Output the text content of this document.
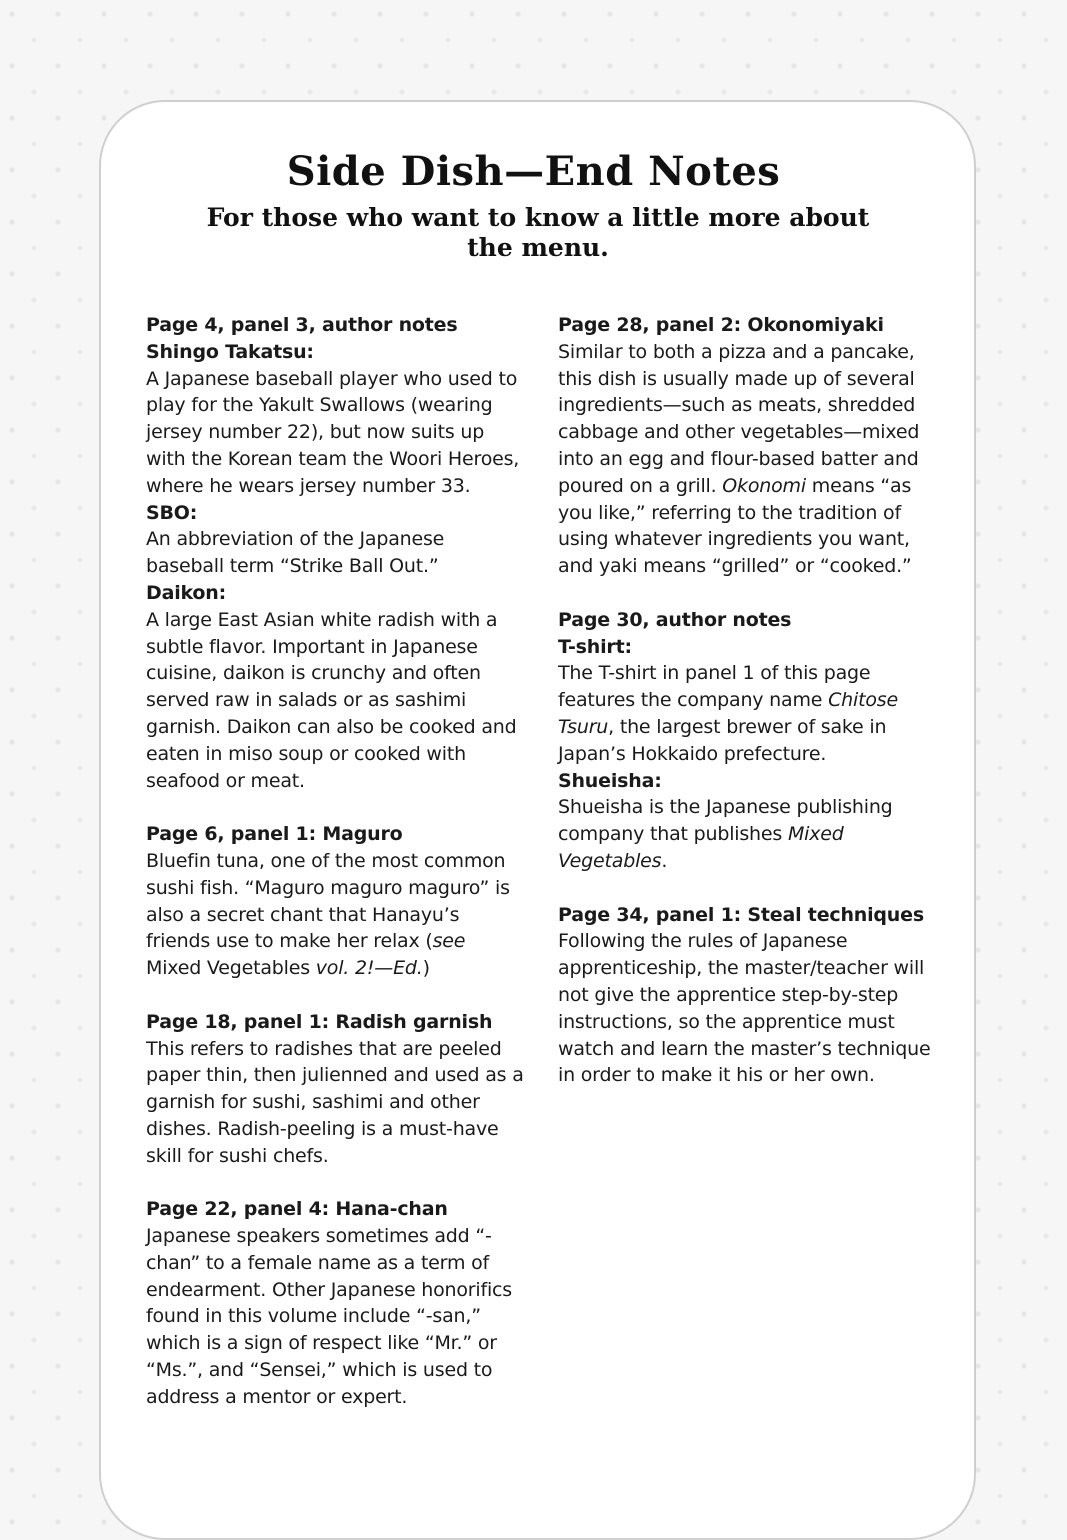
Side Dish—End Notes
For those who want to know a little more about the menu.
Page 4, panel 3, author notes
Shingo Takatsu:
A Japanese baseball player who used to play for the Yakult Swallows (wearing jersey number 22), but now suits up with the Korean team the Woori Heroes, where he wears jersey number 33.
SBO:
An abbreviation of the Japanese baseball term “Strike Ball Out.”
Daikon:
A large East Asian white radish with a subtle flavor. Important in Japanese cuisine, daikon is crunchy and often served raw in salads or as sashimi garnish. Daikon can also be cooked and eaten in miso soup or cooked with seafood or meat.
Page 6, panel 1: Maguro
Bluefin tuna, one of the most common sushi fish. “Maguro maguro maguro” is also a secret chant that Hanayu’s friends use to make her relax (see Mixed Vegetables vol. 2!—Ed.)
Page 18, panel 1: Radish garnish
This refers to radishes that are peeled paper thin, then julienned and used as a garnish for sushi, sashimi and other dishes. Radish-peeling is a must-have skill for sushi chefs.
Page 22, panel 4: Hana-chan
Japanese speakers sometimes add “-chan” to a female name as a term of endearment. Other Japanese honorifics found in this volume include “-san,” which is a sign of respect like “Mr.” or “Ms.”, and “Sensei,” which is used to address a mentor or expert.
Page 28, panel 2: Okonomiyaki
Similar to both a pizza and a pancake, this dish is usually made up of several ingredients—such as meats, shredded cabbage and other vegetables—mixed into an egg and flour-based batter and poured on a grill. Okonomi means “as you like,” referring to the tradition of using whatever ingredients you want, and yaki means “grilled” or “cooked.”
Page 30, author notes
T-shirt:
The T-shirt in panel 1 of this page features the company name Chitose Tsuru, the largest brewer of sake in Japan’s Hokkaido prefecture.
Shueisha:
Shueisha is the Japanese publishing company that publishes Mixed Vegetables.
Page 34, panel 1: Steal techniques
Following the rules of Japanese apprenticeship, the master/teacher will not give the apprentice step-by-step instructions, so the apprentice must watch and learn the master’s technique in order to make it his or her own.
